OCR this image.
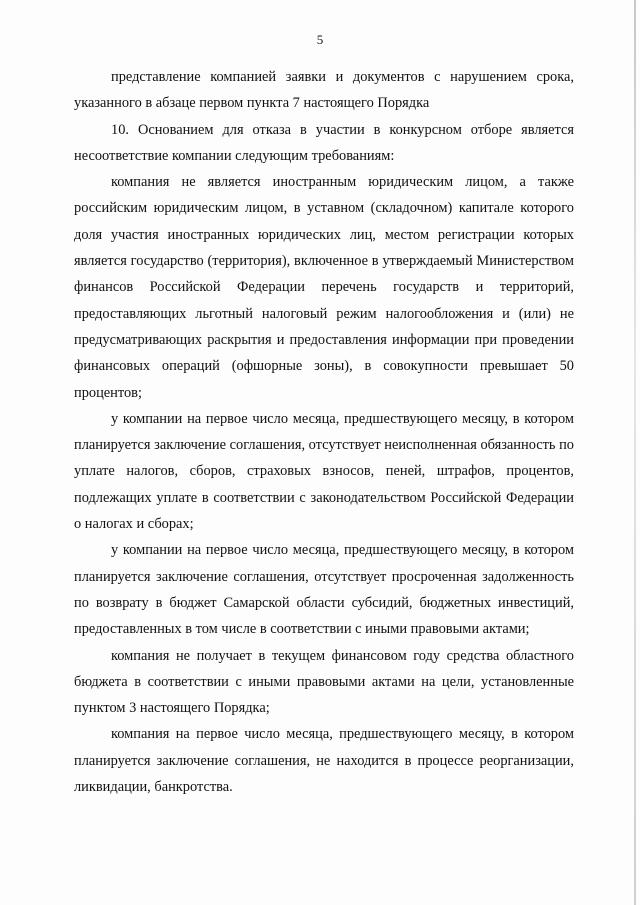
5

представление компанией заявки и документов с нарушением срока, указанного в абзаце первом пункта 7 настоящего Порядка

10. Основанием для отказа в участии в конкурсном отборе является несоответствие компании следующим требованиям:

компания не является иностранным юридическим лицом, а также российским юридическим лицом, в уставном (складочном) капитале которого доля участия иностранных юридических лиц, местом регистрации которых является государство (территория), включенное в утверждаемый Министерством финансов Российской Федерации перечень государств и территорий, предоставляющих льготный налоговый режим налогообложения и (или) не предусматривающих раскрытия и предоставления информации при проведении финансовых операций (офшорные зоны), в совокупности превышает 50 процентов;

у компании на первое число месяца, предшествующего месяцу, в котором планируется заключение соглашения, отсутствует неисполненная обязанность по уплате налогов, сборов, страховых взносов, пеней, штрафов, процентов, подлежащих уплате в соответствии с законодательством Российской Федерации о налогах и сборах;

у компании на первое число месяца, предшествующего месяцу, в котором планируется заключение соглашения, отсутствует просроченная задолженность по возврату в бюджет Самарской области субсидий, бюджетных инвестиций, предоставленных в том числе в соответствии с иными правовыми актами;

компания не получает в текущем финансовом году средства областного бюджета в соответствии с иными правовыми актами на цели, установленные пунктом 3 настоящего Порядка;

компания на первое число месяца, предшествующего месяцу, в котором планируется заключение соглашения, не находится в процессе реорганизации, ликвидации, банкротства.
